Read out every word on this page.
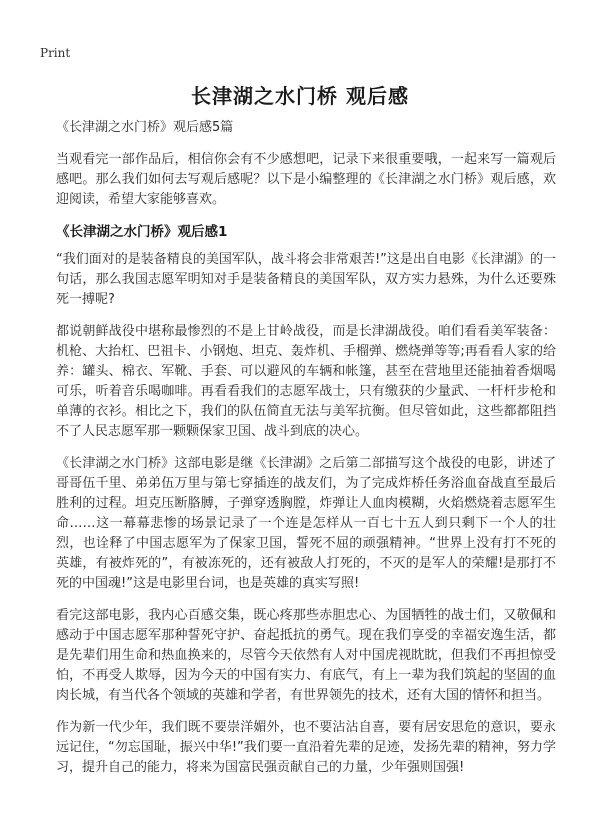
Print
长津湖之水门桥 观后感

《长津湖之水门桥》观后感5篇

当观看完一部作品后，相信你会有不少感想吧，记录下来很重要哦，一起来写一篇观后感吧。那么我们如何去写观后感呢？以下是小编整理的《长津湖之水门桥》观后感，欢迎阅读，希望大家能够喜欢。

《长津湖之水门桥》观后感1

“我们面对的是装备精良的美国军队，战斗将会非常艰苦!”这是出自电影《长津湖》的一句话，那么我国志愿军明知对手是装备精良的美国军队，双方实力悬殊，为什么还要殊死一搏呢?

都说朝鲜战役中堪称最惨烈的不是上甘岭战役，而是长津湖战役。咱们看看美军装备：机枪、大抬杠、巴祖卡、小钢炮、坦克、轰炸机、手榴弹、燃烧弹等等;再看看人家的给养：罐头、棉衣、军靴、手套、可以避风的车辆和帐篷，甚至在营地里还能抽着香烟喝可乐，听着音乐喝咖啡。再看看我们的志愿军战士，只有缴获的少量武、一杆杆步枪和单薄的衣衫。相比之下，我们的队伍简直无法与美军抗衡。但尽管如此，这些都都阻挡不了人民志愿军那一颗颗保家卫国、战斗到底的决心。

《长津湖之水门桥》这部电影是继《长津湖》之后第二部描写这个战役的电影，讲述了哥哥伍千里、弟弟伍万里与第七穿插连的战友们，为了完成炸桥任务浴血奋战直至最后胜利的过程。坦克压断胳膊，子弹穿透胸膛，炸弹让人血肉模糊，火焰燃烧着志愿军生命……这一幕幕悲惨的场景记录了一个连是怎样从一百七十五人到只剩下一个人的壮烈，也诠释了中国志愿军为了保家卫国，誓死不屈的顽强精神。“世界上没有打不死的英雄，有被炸死的”，有被冻死的，还有被敌人打死的，不灭的是军人的荣耀!是那打不死的中国魂!”这是电影里台词，也是英雄的真实写照!

看完这部电影，我内心百感交集，既心疼那些赤胆忠心、为国牺牲的战士们，又敬佩和感动于中国志愿军那种誓死守护、奋起抵抗的勇气。现在我们享受的幸福安逸生活，都是先辈们用生命和热血换来的，尽管今天依然有人对中国虎视眈眈，但我们不再担惊受怕，不再受人欺辱，因为今天的中国有实力、有底气，有上一辈为我们筑起的坚固的血肉长城，有当代各个领域的英雄和学者，有世界领先的技术，还有大国的情怀和担当。

作为新一代少年，我们既不要崇洋媚外，也不要沾沾自喜，要有居安思危的意识，要永远记住，“勿忘国耻，振兴中华!”我们要一直沿着先辈的足迹，发扬先辈的精神，努力学习，提升自己的能力，将来为国富民强贡献自己的力量，少年强则国强!
